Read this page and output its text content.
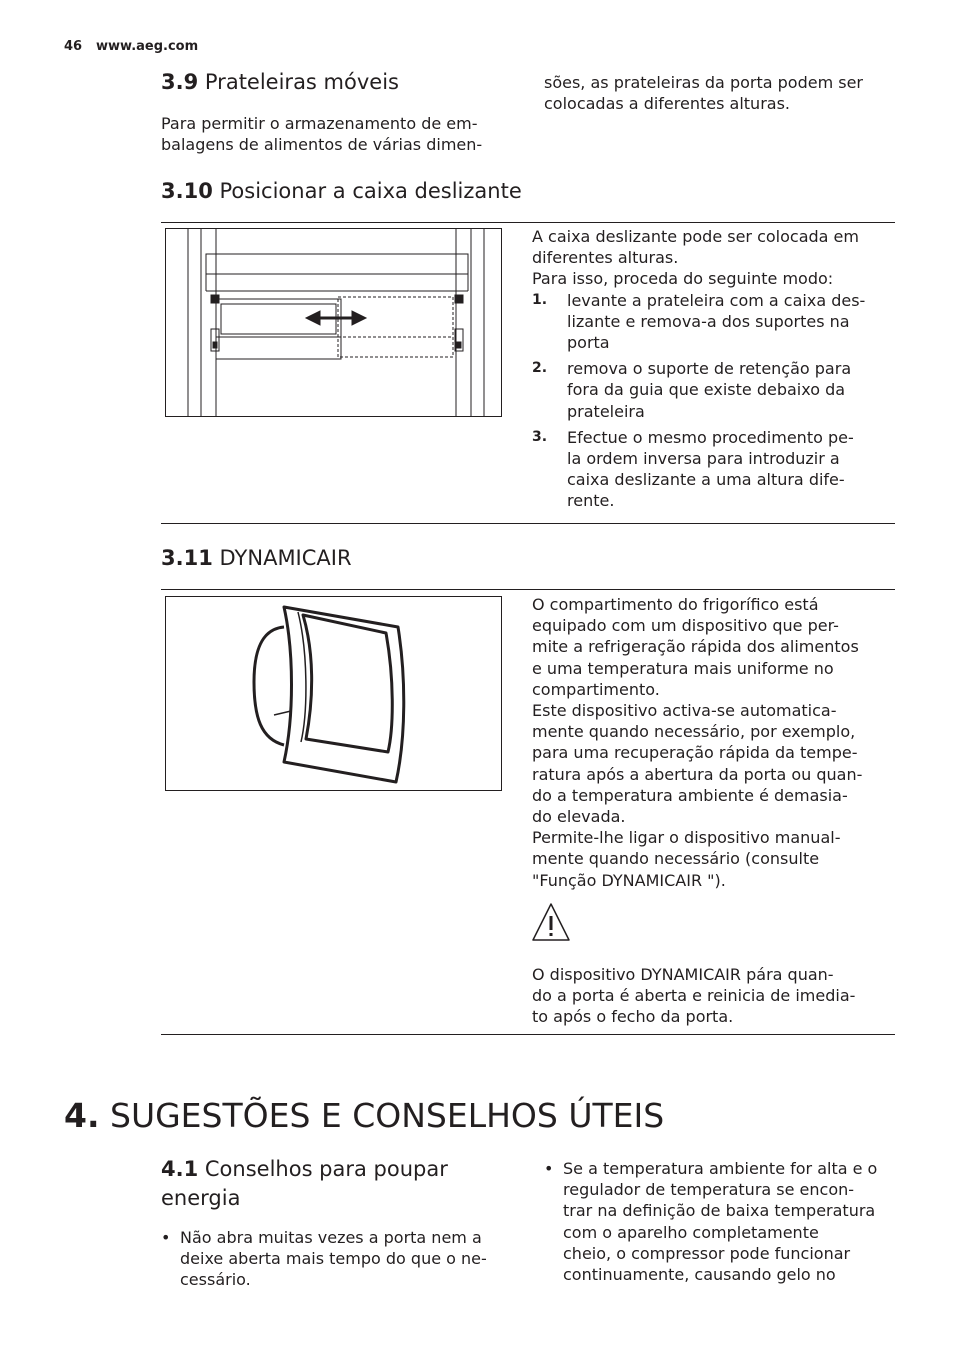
46 www.aeg.com
3.9 Prateleiras móveis
Para permitir o armazenamento de em-
balagens de alimentos de várias dimen-
sões, as prateleiras da porta podem ser
colocadas a diferentes alturas.
3.10 Posicionar a caixa deslizante
A caixa deslizante pode ser colocada em
diferentes alturas.
Para isso, proceda do seguinte modo:
1. levante a prateleira com a caixa des-
lizante e remova-a dos suportes na
porta
2. remova o suporte de retenção para
fora da guia que existe debaixo da
prateleira
3. Efectue o mesmo procedimento pe-
la ordem inversa para introduzir a
caixa deslizante a uma altura dife-
rente.
3.11 DYNAMICAIR
O compartimento do frigorífico está
equipado com um dispositivo que per-
mite a refrigeração rápida dos alimentos
e uma temperatura mais uniforme no
compartimento.
Este dispositivo activa-se automatica-
mente quando necessário, por exemplo,
para uma recuperação rápida da tempe-
ratura após a abertura da porta ou quan-
do a temperatura ambiente é demasia-
do elevada.
Permite-lhe ligar o dispositivo manual-
mente quando necessário (consulte
"Função DYNAMICAIR ").
O dispositivo DYNAMICAIR pára quan-
do a porta é aberta e reinicia de imedia-
to após o fecho da porta.
4. SUGESTÕES E CONSELHOS ÚTEIS
4.1 Conselhos para poupar
energia
• Não abra muitas vezes a porta nem a
deixe aberta mais tempo do que o ne-
cessário.
• Se a temperatura ambiente for alta e o
regulador de temperatura se encon-
trar na definição de baixa temperatura
com o aparelho completamente
cheio, o compressor pode funcionar
continuamente, causando gelo no
